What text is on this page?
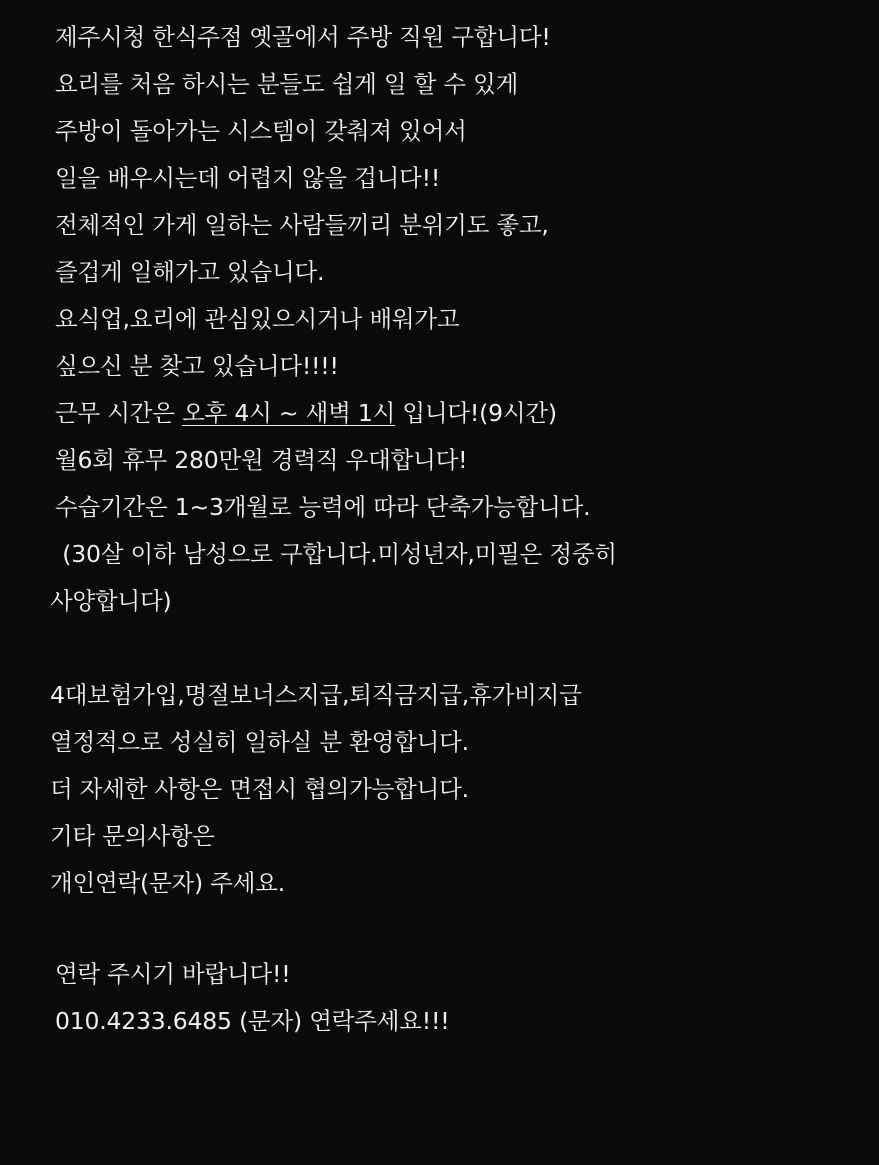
제주시청 한식주점 옛골에서 주방 직원 구합니다!
요리를 처음 하시는 분들도 쉽게 일 할 수 있게
주방이 돌아가는 시스템이 갖춰져 있어서
일을 배우시는데 어렵지 않을 겁니다!!
전체적인 가게 일하는 사람들끼리 분위기도 좋고,
즐겁게 일해가고 있습니다.
요식업,요리에 관심있으시거나 배워가고
싶으신 분 찾고 있습니다!!!!
근무 시간은 오후 4시 ~ 새벽 1시 입니다!(9시간)
월6회 휴무 280만원 경력직 우대합니다!
수습기간은 1~3개월로 능력에 따라 단축가능합니다.
(30살 이하 남성으로 구합니다.미성년자,미필은 정중히
사양합니다)
4대보험가입,명절보너스지급,퇴직금지급,휴가비지급
열정적으로 성실히 일하실 분 환영합니다.
더 자세한 사항은 면접시 협의가능합니다.
기타 문의사항은
개인연락(문자) 주세요.
연락 주시기 바랍니다!!
010.4233.6485 (문자) 연락주세요!!!
